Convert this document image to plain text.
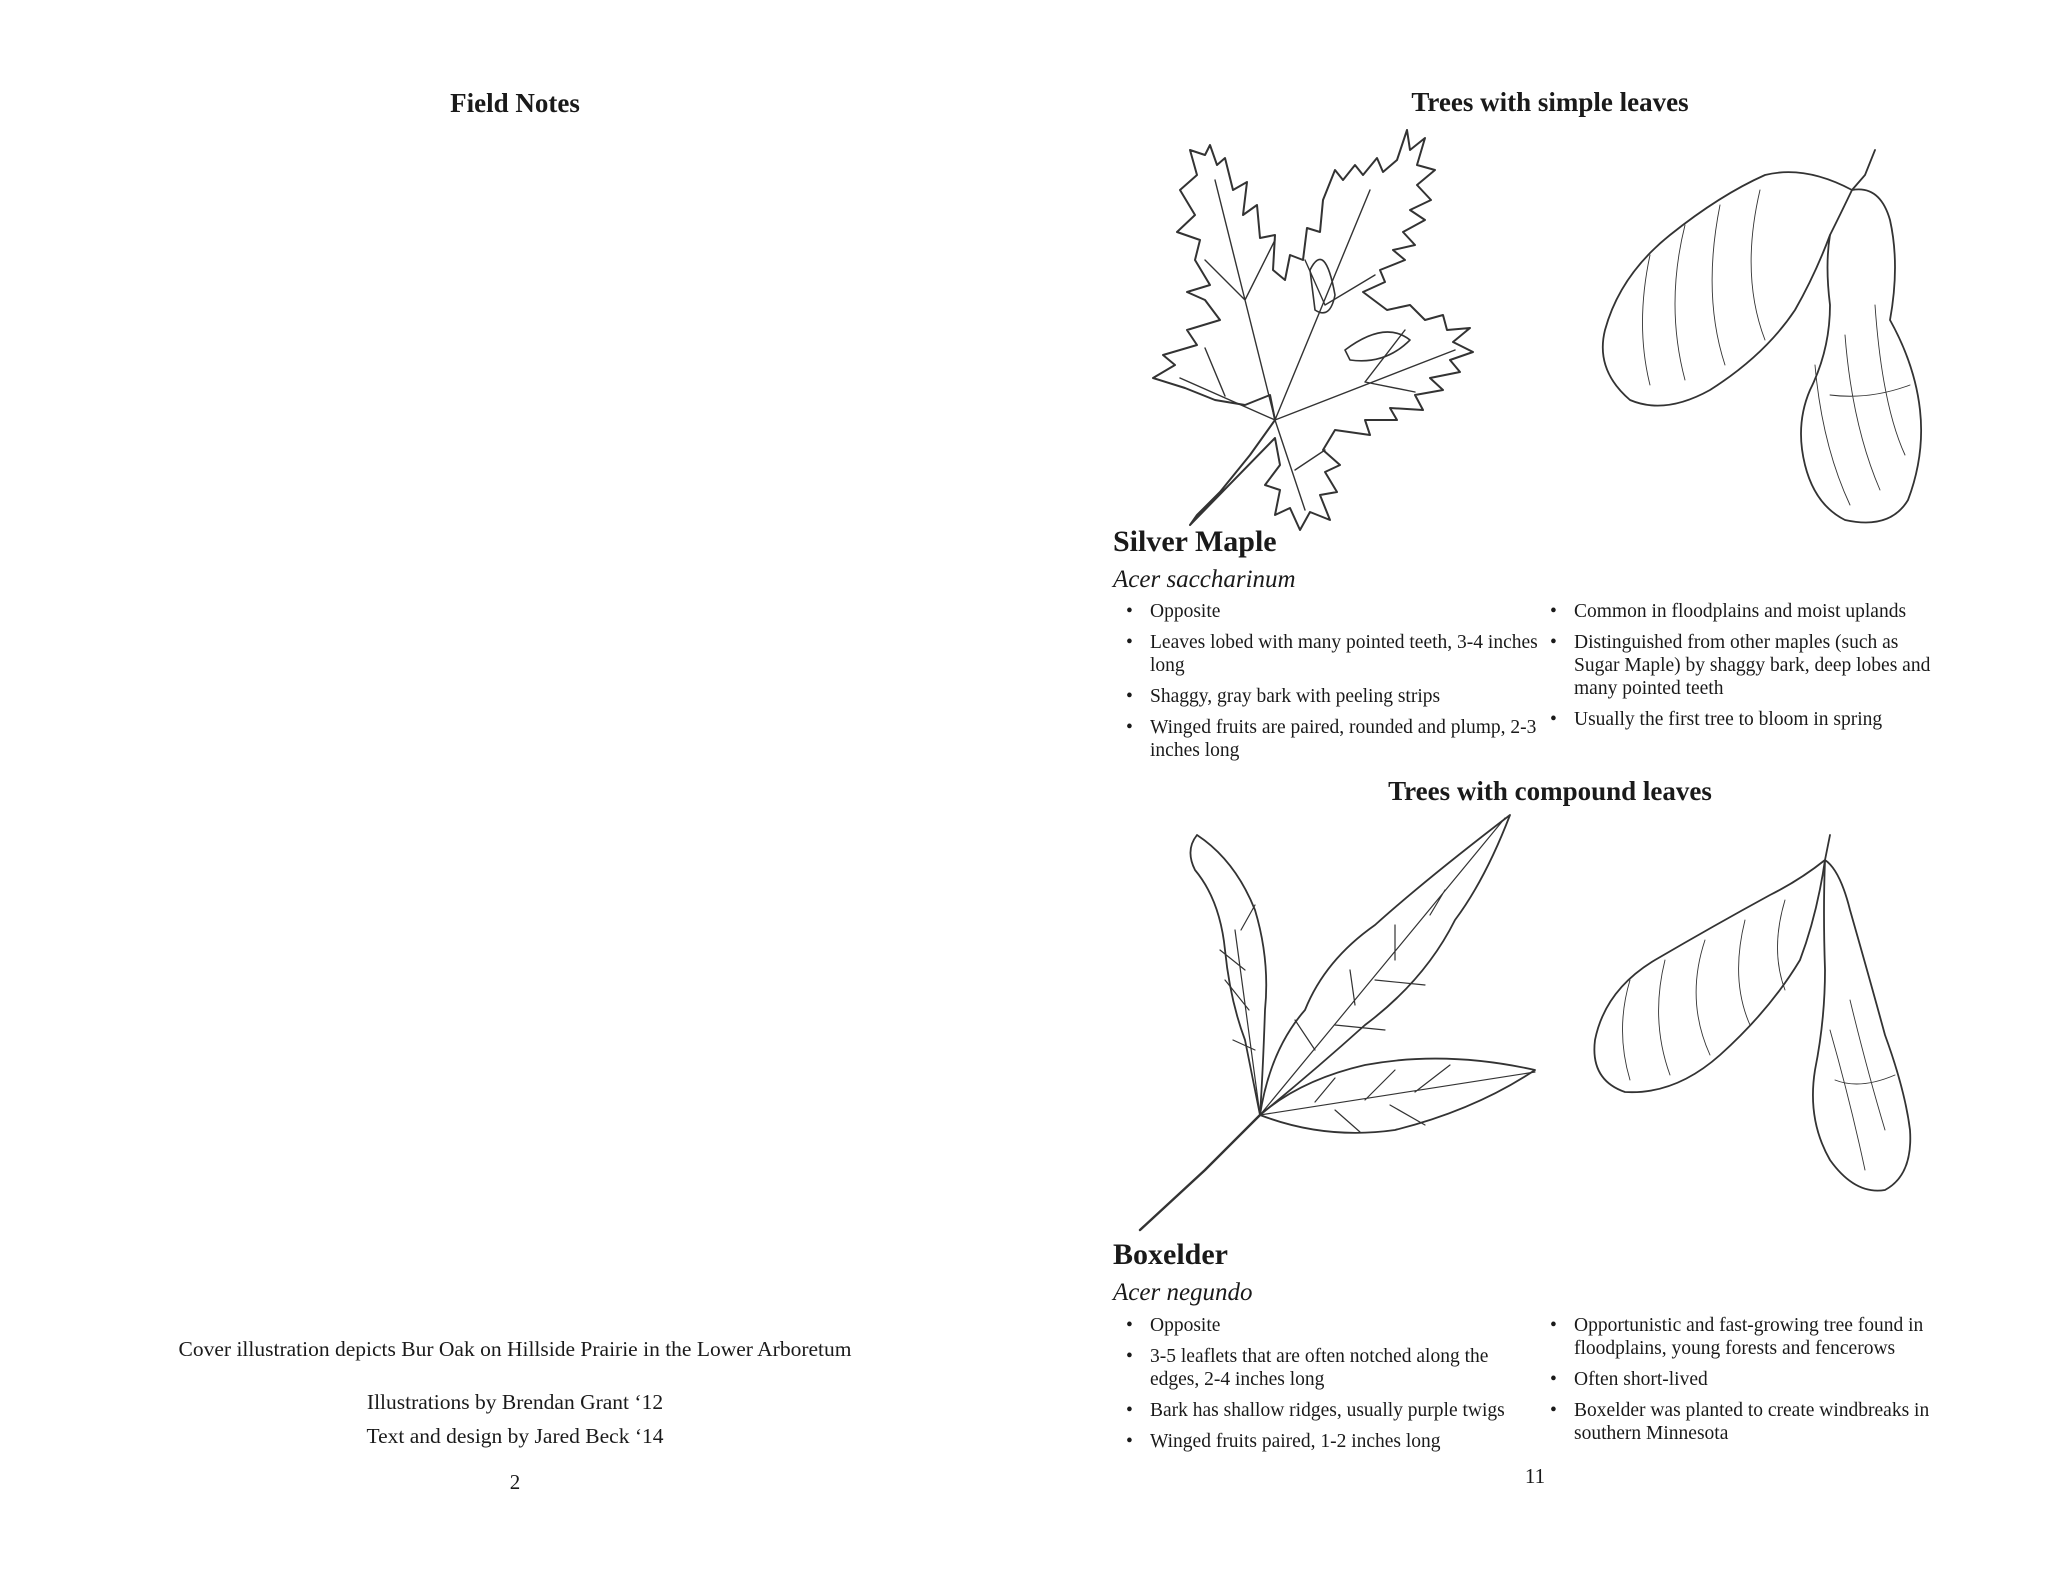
Field Notes
Cover illustration depicts Bur Oak on Hillside Prairie in the Lower Arboretum
Illustrations by Brendan Grant ‘12
Text and design by Jared Beck ‘14
2
Trees with simple leaves
Silver Maple
Acer saccharinum
• Opposite
• Leaves lobed with many pointed teeth, 3-4 inches long
• Shaggy, gray bark with peeling strips
• Winged fruits are paired, rounded and plump, 2-3 inches long
• Common in floodplains and moist uplands
• Distinguished from other maples (such as Sugar Maple) by shaggy bark, deep lobes and many pointed teeth
• Usually the first tree to bloom in spring
Trees with compound leaves
Boxelder
Acer negundo
• Opposite
• 3-5 leaflets that are often notched along the edges, 2-4 inches long
• Bark has shallow ridges, usually purple twigs
• Winged fruits paired, 1-2 inches long
• Opportunistic and fast-growing tree found in floodplains, young forests and fencerows
• Often short-lived
• Boxelder was planted to create windbreaks in southern Minnesota
11
